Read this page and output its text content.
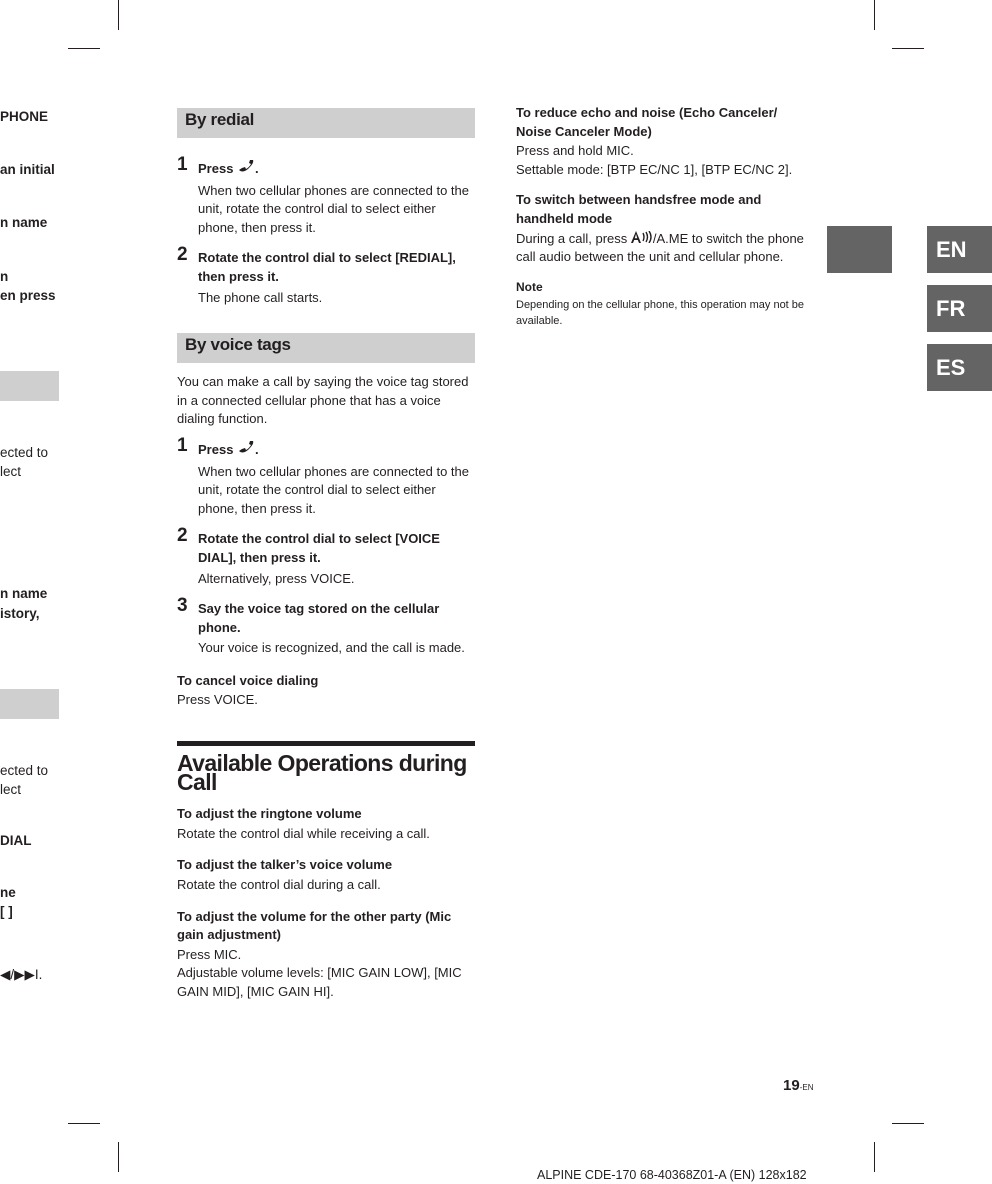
PHONE
an initial
n name
n
en press
ected to
lect
n name
istory,
ected to
lect
DIAL
ne
[ ]
◀/▶▶I.
By redial
1 Press .
When two cellular phones are connected to the unit, rotate the control dial to select either phone, then press it.
2 Rotate the control dial to select [REDIAL], then press it.
The phone call starts.
By voice tags
You can make a call by saying the voice tag stored in a connected cellular phone that has a voice dialing function.
1 Press .
When two cellular phones are connected to the unit, rotate the control dial to select either phone, then press it.
2 Rotate the control dial to select [VOICE DIAL], then press it.
Alternatively, press VOICE.
3 Say the voice tag stored on the cellular phone.
Your voice is recognized, and the call is made.
To cancel voice dialing
Press VOICE.
Available Operations during Call
To adjust the ringtone volume
Rotate the control dial while receiving a call.
To adjust the talker’s voice volume
Rotate the control dial during a call.
To adjust the volume for the other party (Mic gain adjustment)
Press MIC.
Adjustable volume levels: [MIC GAIN LOW], [MIC GAIN MID], [MIC GAIN HI].
To reduce echo and noise (Echo Canceler/ Noise Canceler Mode)
Press and hold MIC.
Settable mode: [BTP EC/NC 1], [BTP EC/NC 2].
To switch between handsfree mode and handheld mode
During a call, press /A.ME to switch the phone call audio between the unit and cellular phone.
Note
Depending on the cellular phone, this operation may not be available.
EN
FR
ES
19-EN
ALPINE CDE-170 68-40368Z01-A (EN) 128x182
